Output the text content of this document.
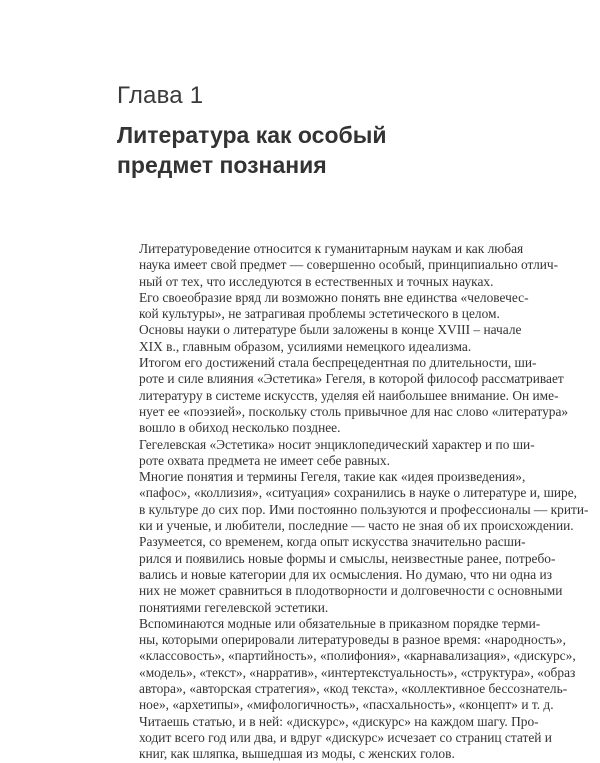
Глава 1
Литература как особый
предмет познания

Литературоведение относится к гуманитарным наукам и как любая
наука имеет свой предмет — совершенно особый, принципиально отлич-
ный от тех, что исследуются в естественных и точных науках.

Его своеобразие вряд ли возможно понять вне единства «человечес-
кой культуры», не затрагивая проблемы эстетического в целом.

Основы науки о литературе были заложены в конце XVIII – начале
XIX в., главным образом, усилиями немецкого идеализма.

Итогом его достижений стала беспрецедентная по длительности, ши-
роте и силе влияния «Эстетика» Гегеля, в которой философ рассматривает
литературу в системе искусств, уделяя ей наибольшее внимание. Он име-
нует ее «поэзией», поскольку столь привычное для нас слово «литература»
вошло в обиход несколько позднее.

Гегелевская «Эстетика» носит энциклопедический характер и по ши-
роте охвата предмета не имеет себе равных.

Многие понятия и термины Гегеля, такие как «идея произведения»,
«пафос», «коллизия», «ситуация» сохранились в науке о литературе и, шире,
в культуре до сих пор. Ими постоянно пользуются и профессионалы — крити-
ки и ученые, и любители, последние — часто не зная об их происхождении.

Разумеется, со временем, когда опыт искусства значительно расши-
рился и появились новые формы и смыслы, неизвестные ранее, потребо-
вались и новые категории для их осмысления. Но думаю, что ни одна из
них не может сравниться в плодотворности и долговечности с основными
понятиями гегелевской эстетики.

Вспоминаются модные или обязательные в приказном порядке терми-
ны, которыми оперировали литературоведы в разное время: «народность»,
«классовость», «партийность», «полифония», «карнавализация», «дискурс»,
«модель», «текст», «нарратив», «интертекстуальность», «структура», «образ
автора», «авторская стратегия», «код текста», «коллективное бессознатель-
ное», «архетипы», «мифологичность», «пасхальность», «концепт» и т. д.

Читаешь статью, и в ней: «дискурс», «дискурс» на каждом шагу. Про-
ходит всего год или два, и вдруг «дискурс» исчезает со страниц статей и
книг, как шляпка, вышедшая из моды, с женских голов.
